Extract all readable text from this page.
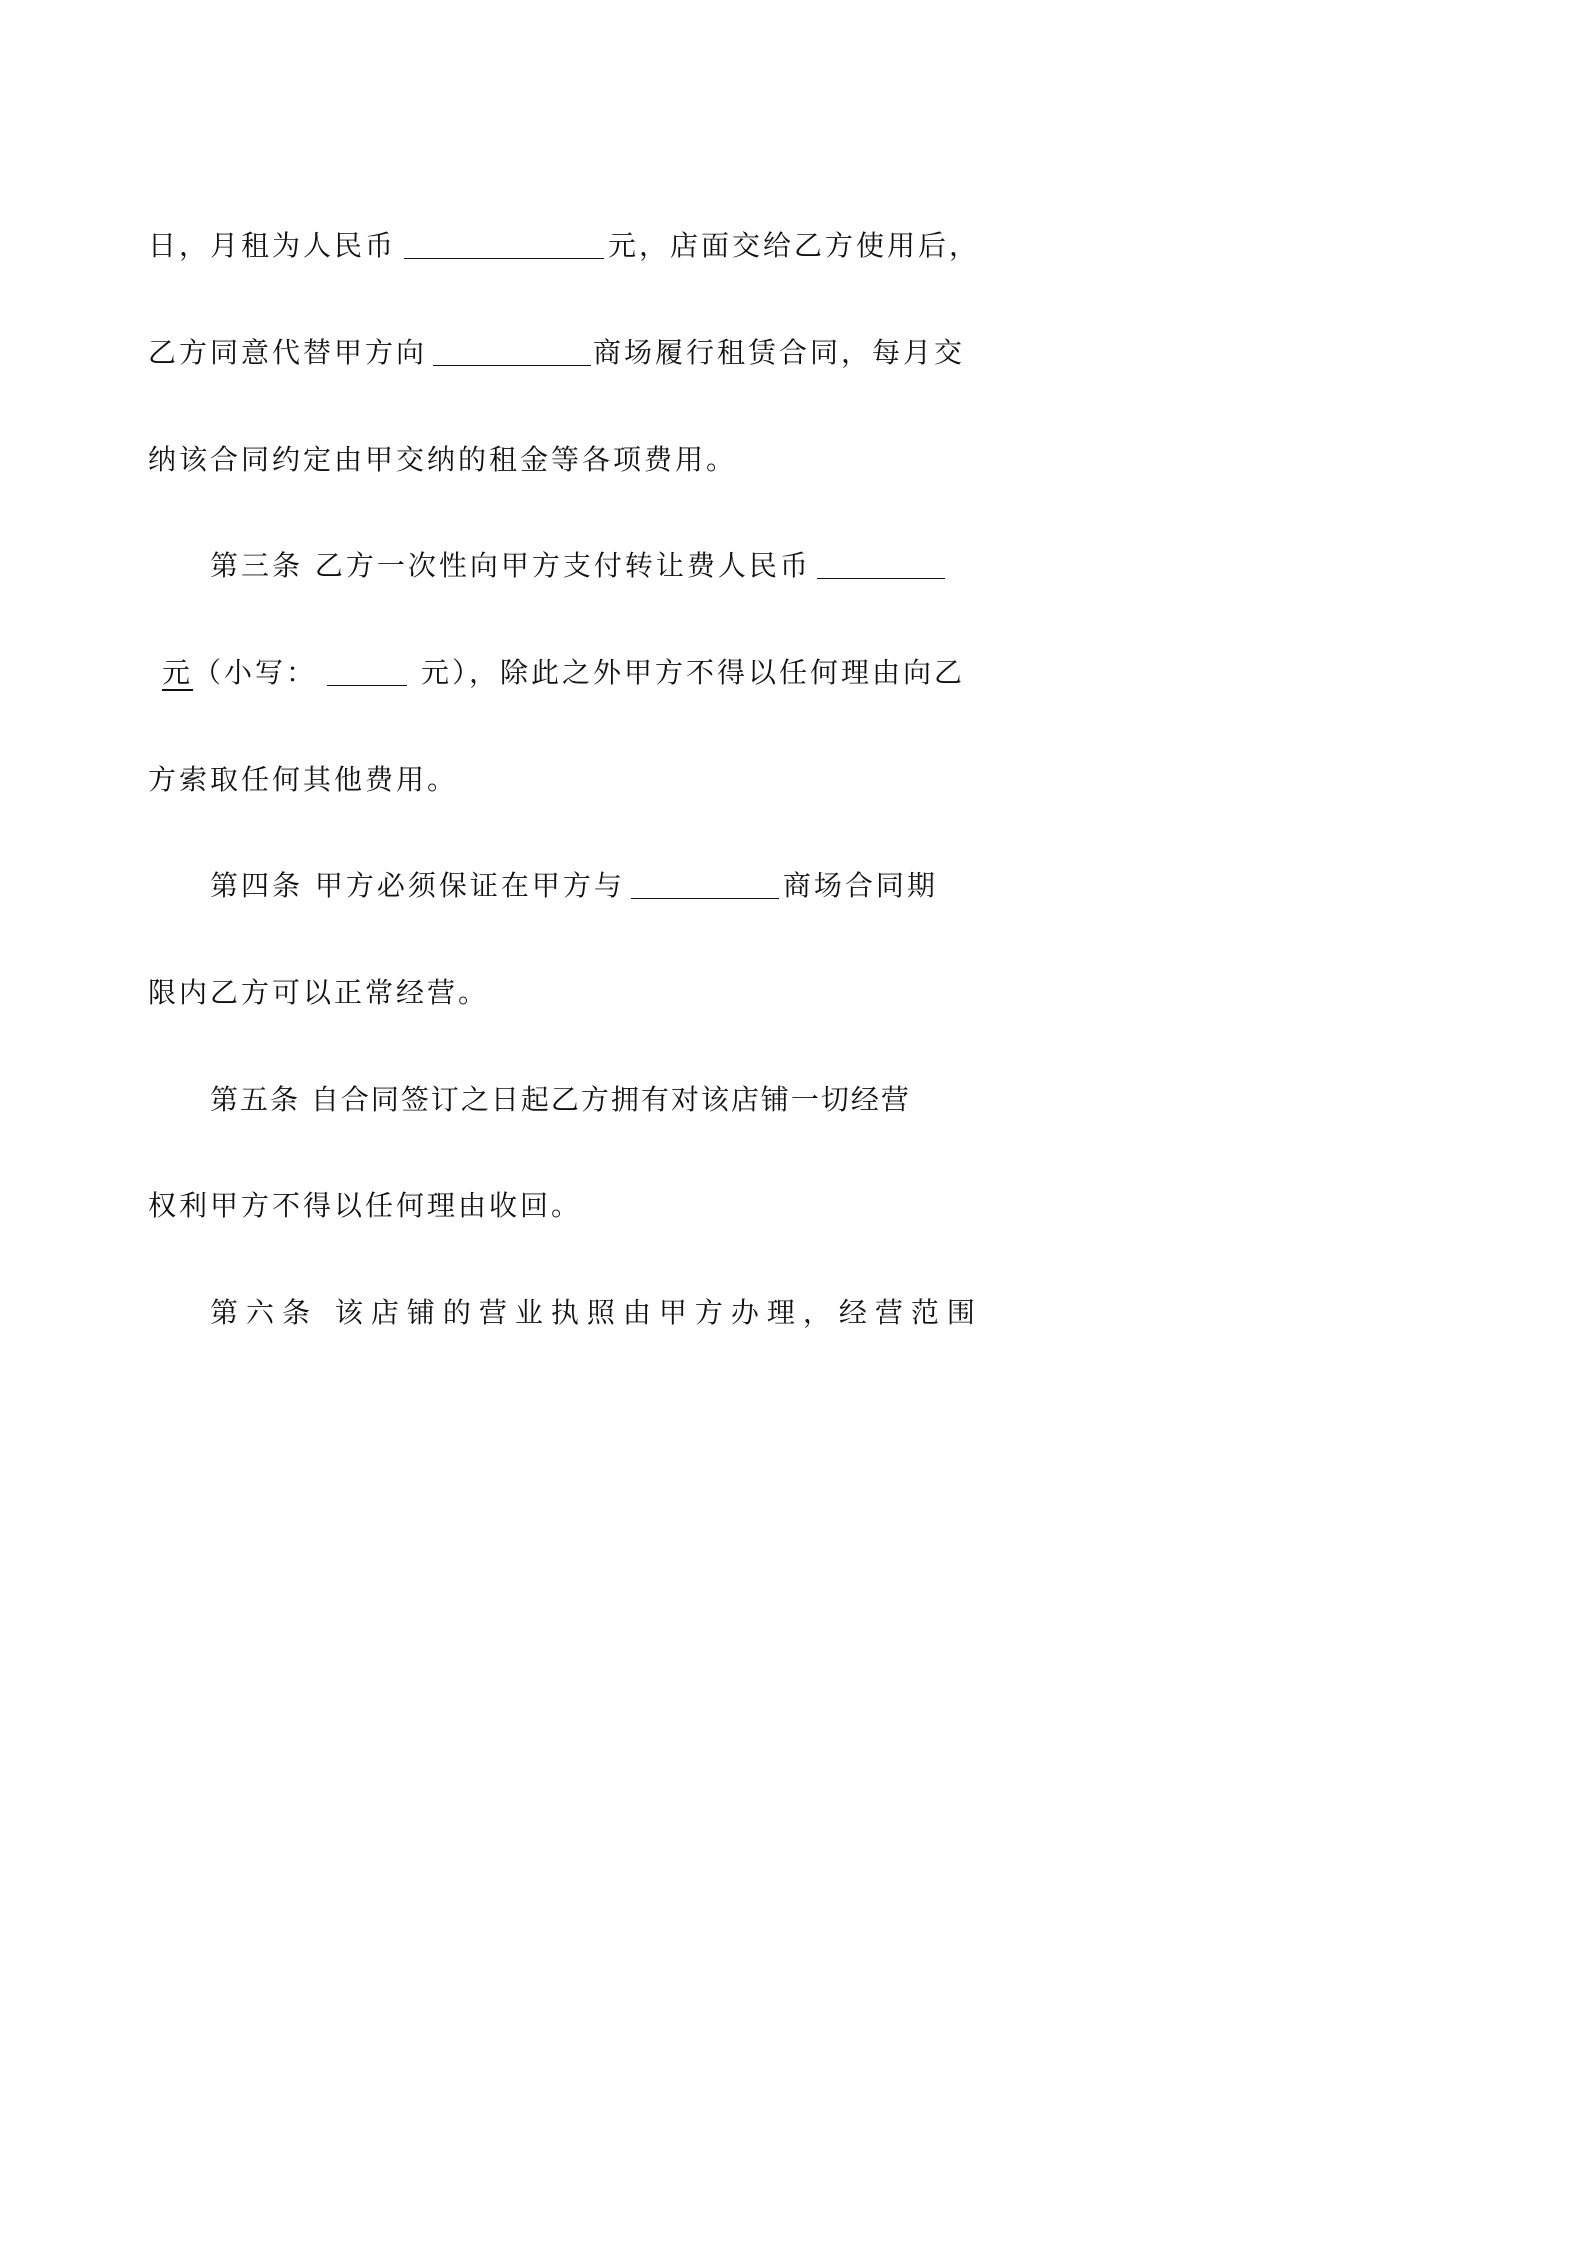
日，月租为人民币	元，店面交给乙方使用后，
乙方同意代替甲方向	商场履行租赁合同，每月交
纳该合同约定由甲交纳的租金等各项费用。
第三条 乙方一次性向甲方支付转让费人民币
元（小写：	元），除此之外甲方不得以任何理由向乙
方索取任何其他费用。
第四条 甲方必须保证在甲方与	商场合同期
限内乙方可以正常经营。
第五条 自合同签订之日起乙方拥有对该店铺一切经营
权利甲方不得以任何理由收回。
第六条 该店铺的营业执照由甲方办理，经营范围
